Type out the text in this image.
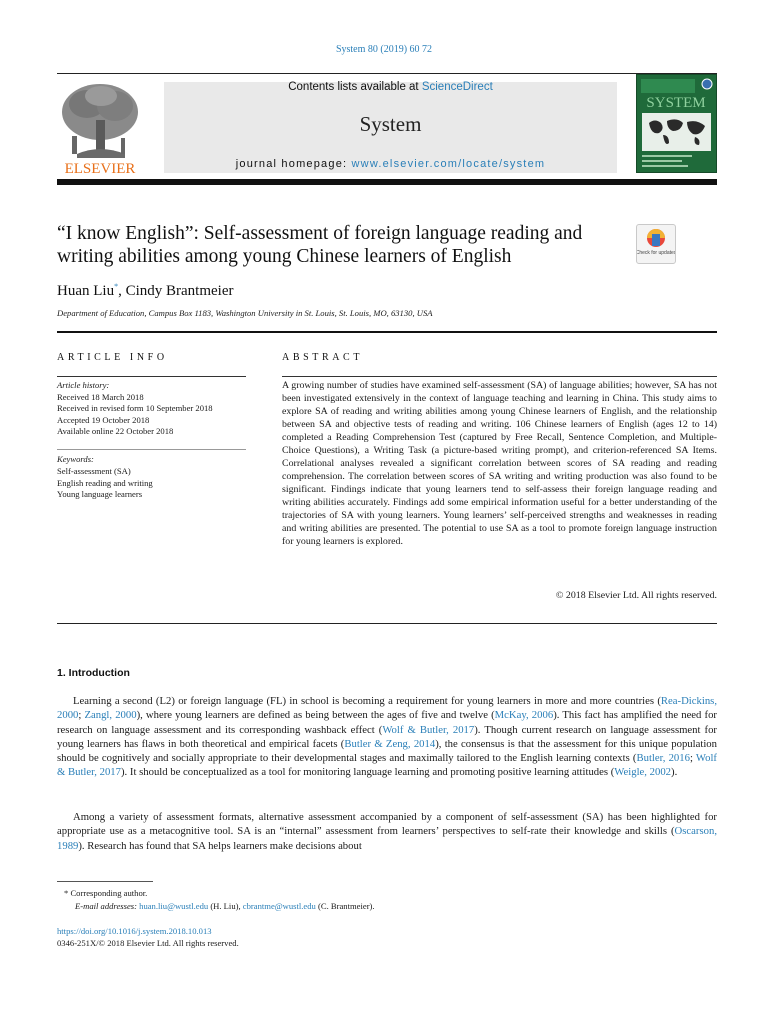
System 80 (2019) 60 72
ELSEVIER
Contents lists available at ScienceDirect
System
journal homepage: www.elsevier.com/locate/system
SYSTEM
“I know English”: Self-assessment of foreign language reading and writing abilities among young Chinese learners of English	Check for updates
Huan Liu*, Cindy Brantmeier
Department of Education, Campus Box 1183, Washington University in St. Louis, St. Louis, MO, 63130, USA
ARTICLE INFO	ABSTRACT
Article history:
Received 18 March 2018
Received in revised form 10 September 2018
Accepted 19 October 2018
Available online 22 October 2018
Keywords:
Self-assessment (SA)
English reading and writing
Young language learners

A growing number of studies have examined self-assessment (SA) of language abilities; however, SA has not been investigated extensively in the context of language teaching and learning in China. This study aims to explore SA of reading and writing abilities among young Chinese learners of English, and the relationship between SA and objective tests of reading and writing. 106 Chinese learners of English (ages 12 to 14) completed a Reading Comprehension Test (captured by Free Recall, Sentence Completion, and Multiple-Choice Questions), a Writing Task (a picture-based writing prompt), and criterion-referenced SA Items. Correlational analyses revealed a significant correlation between scores of SA reading and reading comprehension. The correlation between scores of SA writing and writing production was also found to be significant. Findings indicate that young learners tend to self-assess their foreign language reading and writing abilities accurately. Findings add some empirical information useful for a better understanding of the trajectories of SA with young learners. Young learners’ self-perceived strengths and weaknesses in reading and writing abilities are presented. The potential to use SA as a tool to promote foreign language instruction for young learners is explored.

© 2018 Elsevier Ltd. All rights reserved.
1. Introduction

Learning a second (L2) or foreign language (FL) in school is becoming a requirement for young learners in more and more countries (Rea-Dickins, 2000; Zangl, 2000), where young learners are defined as being between the ages of five and twelve (McKay, 2006). This fact has amplified the need for research on language assessment and its corresponding washback effect (Wolf & Butler, 2017). Though current research on language assessment for young learners has flaws in both theoretical and empirical facets (Butler & Zeng, 2014), the consensus is that the assessment for this unique population should be cognitively and socially appropriate to their developmental stages and maximally tailored to the English learning contexts (Butler, 2016; Wolf & Butler, 2017). It should be conceptualized as a tool for monitoring language learning and promoting positive learning attitudes (Weigle, 2002).

Among a variety of assessment formats, alternative assessment accompanied by a component of self-assessment (SA) has been highlighted for appropriate use as a metacognitive tool. SA is an “internal” assessment from learners’ perspectives to self-rate their knowledge and skills (Oscarson, 1989). Research has found that SA helps learners make decisions about

* Corresponding author.
E-mail addresses: huan.liu@wustl.edu (H. Liu), cbrantme@wustl.edu (C. Brantmeier).
https://doi.org/10.1016/j.system.2018.10.013
0346-251X/© 2018 Elsevier Ltd. All rights reserved.
